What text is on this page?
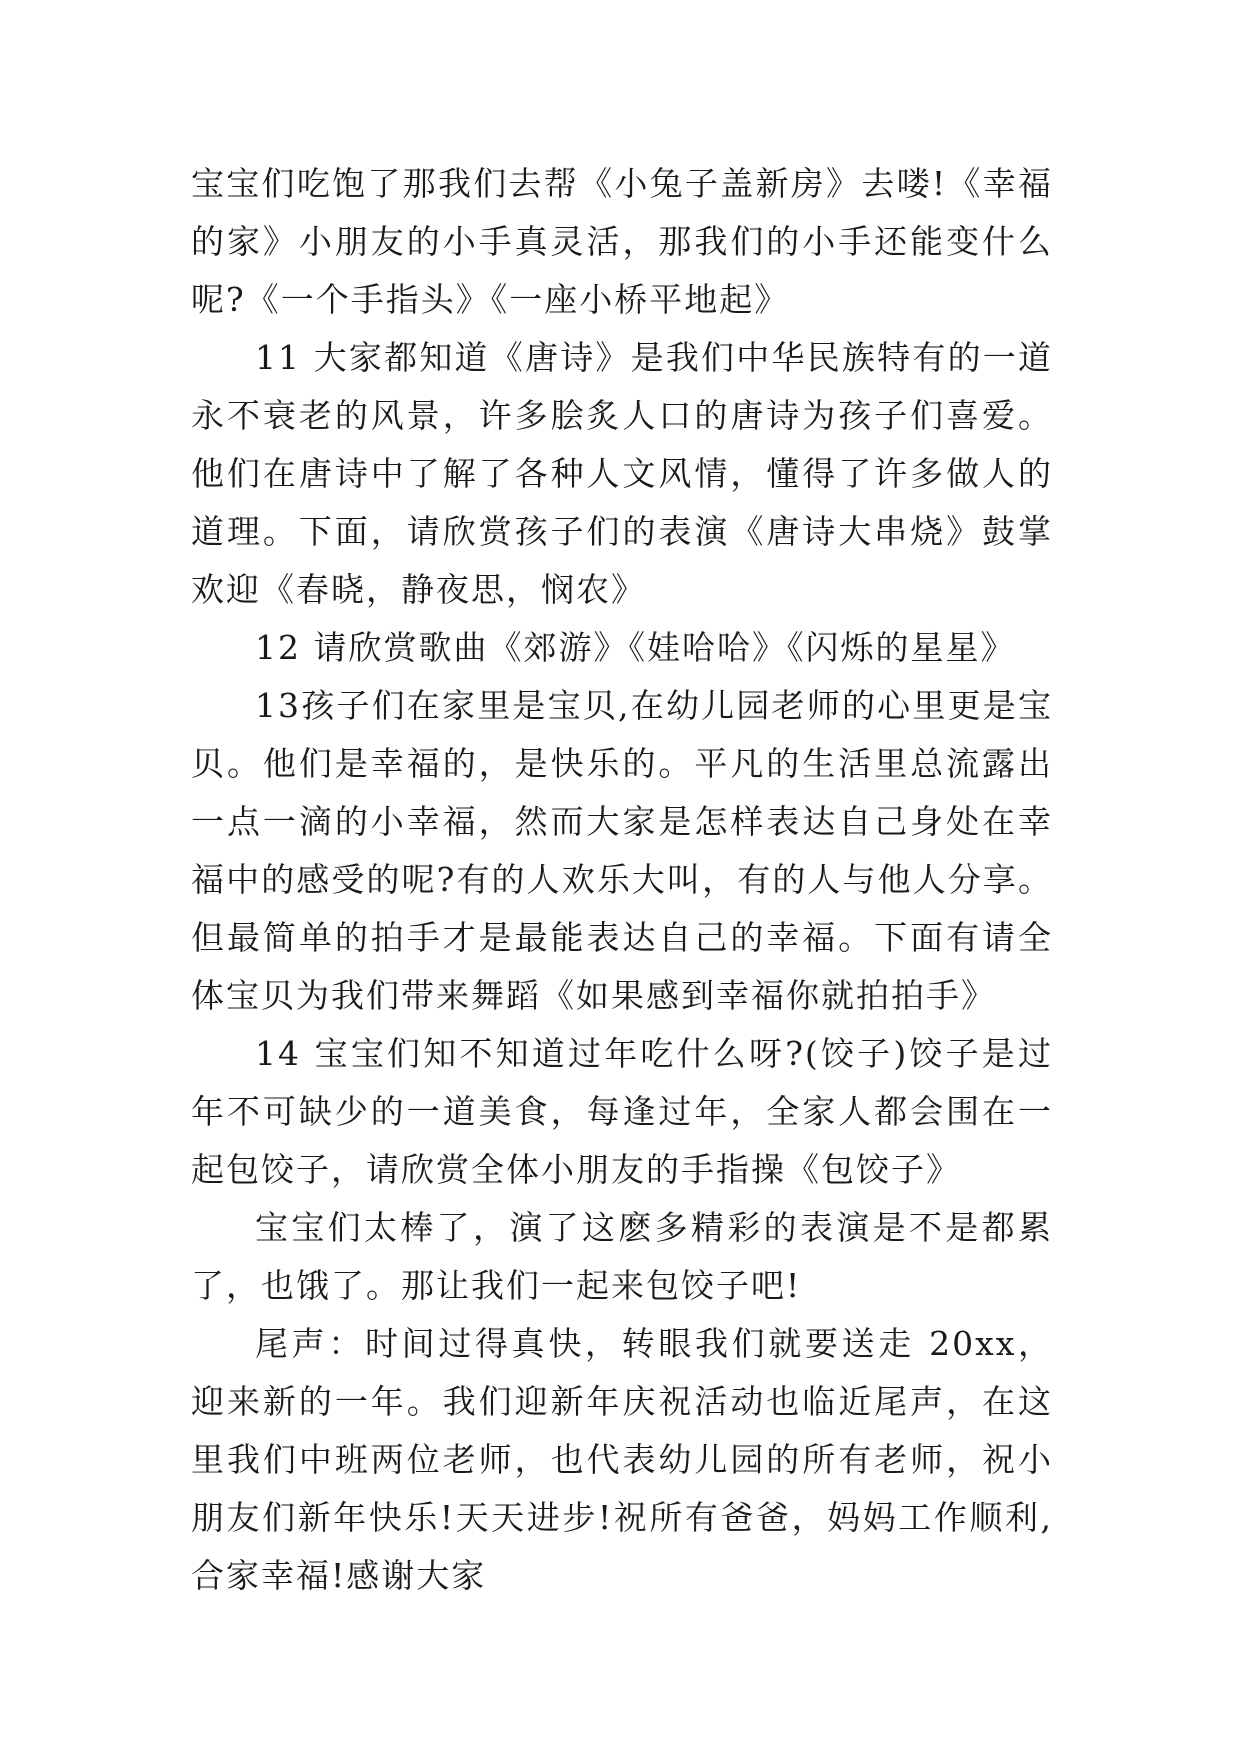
宝宝们吃饱了那我们去帮《小兔子盖新房》去喽!《幸福的家》小朋友的小手真灵活，那我们的小手还能变什么呢?《一个手指头》《一座小桥平地起》

11 大家都知道《唐诗》是我们中华民族特有的一道永不衰老的风景，许多脍炙人口的唐诗为孩子们喜爱。他们在唐诗中了解了各种人文风情，懂得了许多做人的道理。下面，请欣赏孩子们的表演《唐诗大串烧》鼓掌欢迎《春晓，静夜思，悯农》

12 请欣赏歌曲《郊游》《娃哈哈》《闪烁的星星》

13孩子们在家里是宝贝,在幼儿园老师的心里更是宝贝。他们是幸福的，是快乐的。平凡的生活里总流露出一点一滴的小幸福，然而大家是怎样表达自己身处在幸福中的感受的呢?有的人欢乐大叫，有的人与他人分享。但最简单的拍手才是最能表达自己的幸福。下面有请全体宝贝为我们带来舞蹈《如果感到幸福你就拍拍手》

14 宝宝们知不知道过年吃什么呀?(饺子)饺子是过年不可缺少的一道美食，每逢过年，全家人都会围在一起包饺子，请欣赏全体小朋友的手指操《包饺子》

宝宝们太棒了，演了这麽多精彩的表演是不是都累了，也饿了。那让我们一起来包饺子吧!

尾声：时间过得真快，转眼我们就要送走 20xx，迎来新的一年。我们迎新年庆祝活动也临近尾声，在这里我们中班两位老师，也代表幼儿园的所有老师，祝小朋友们新年快乐!天天进步!祝所有爸爸，妈妈工作顺利,合家幸福!感谢大家
